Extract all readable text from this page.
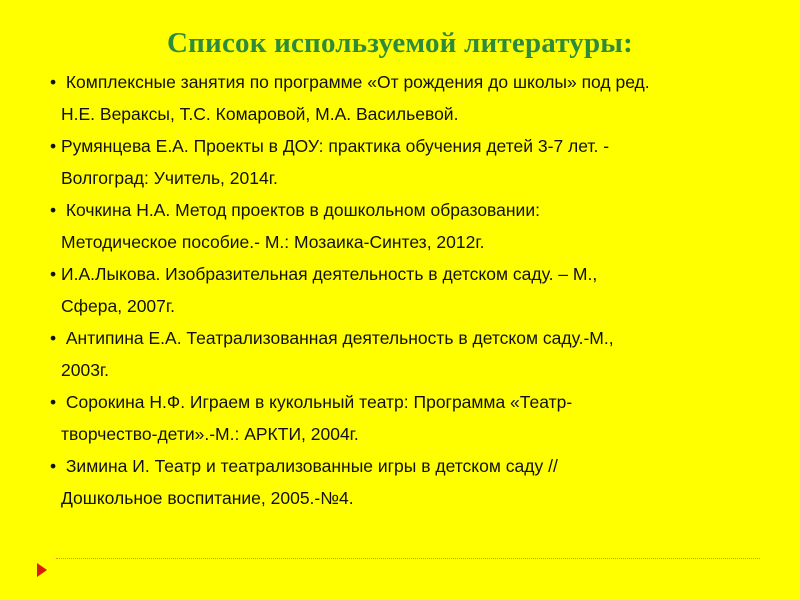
Список используемой литературы:
• Комплексные занятия по программе «От рождения до школы» под ред.
Н.Е. Вераксы, Т.С. Комаровой, М.А. Васильевой.
• Румянцева Е.А. Проекты в ДОУ: практика обучения детей 3-7 лет. -
Волгоград: Учитель, 2014г.
• Кочкина Н.А. Метод проектов в дошкольном образовании:
Методическое пособие.- М.: Мозаика-Синтез, 2012г.
• И.А.Лыкова. Изобразительная деятельность в детском саду. – М.,
Сфера, 2007г.
• Антипина Е.А. Театрализованная деятельность в детском саду.-М.,
2003г.
• Сорокина Н.Ф. Играем в кукольный театр: Программа «Театр-
творчество-дети».-М.: АРКТИ, 2004г.
• Зимина И. Театр и театрализованные игры в детском саду //
Дошкольное воспитание, 2005.-№4.
